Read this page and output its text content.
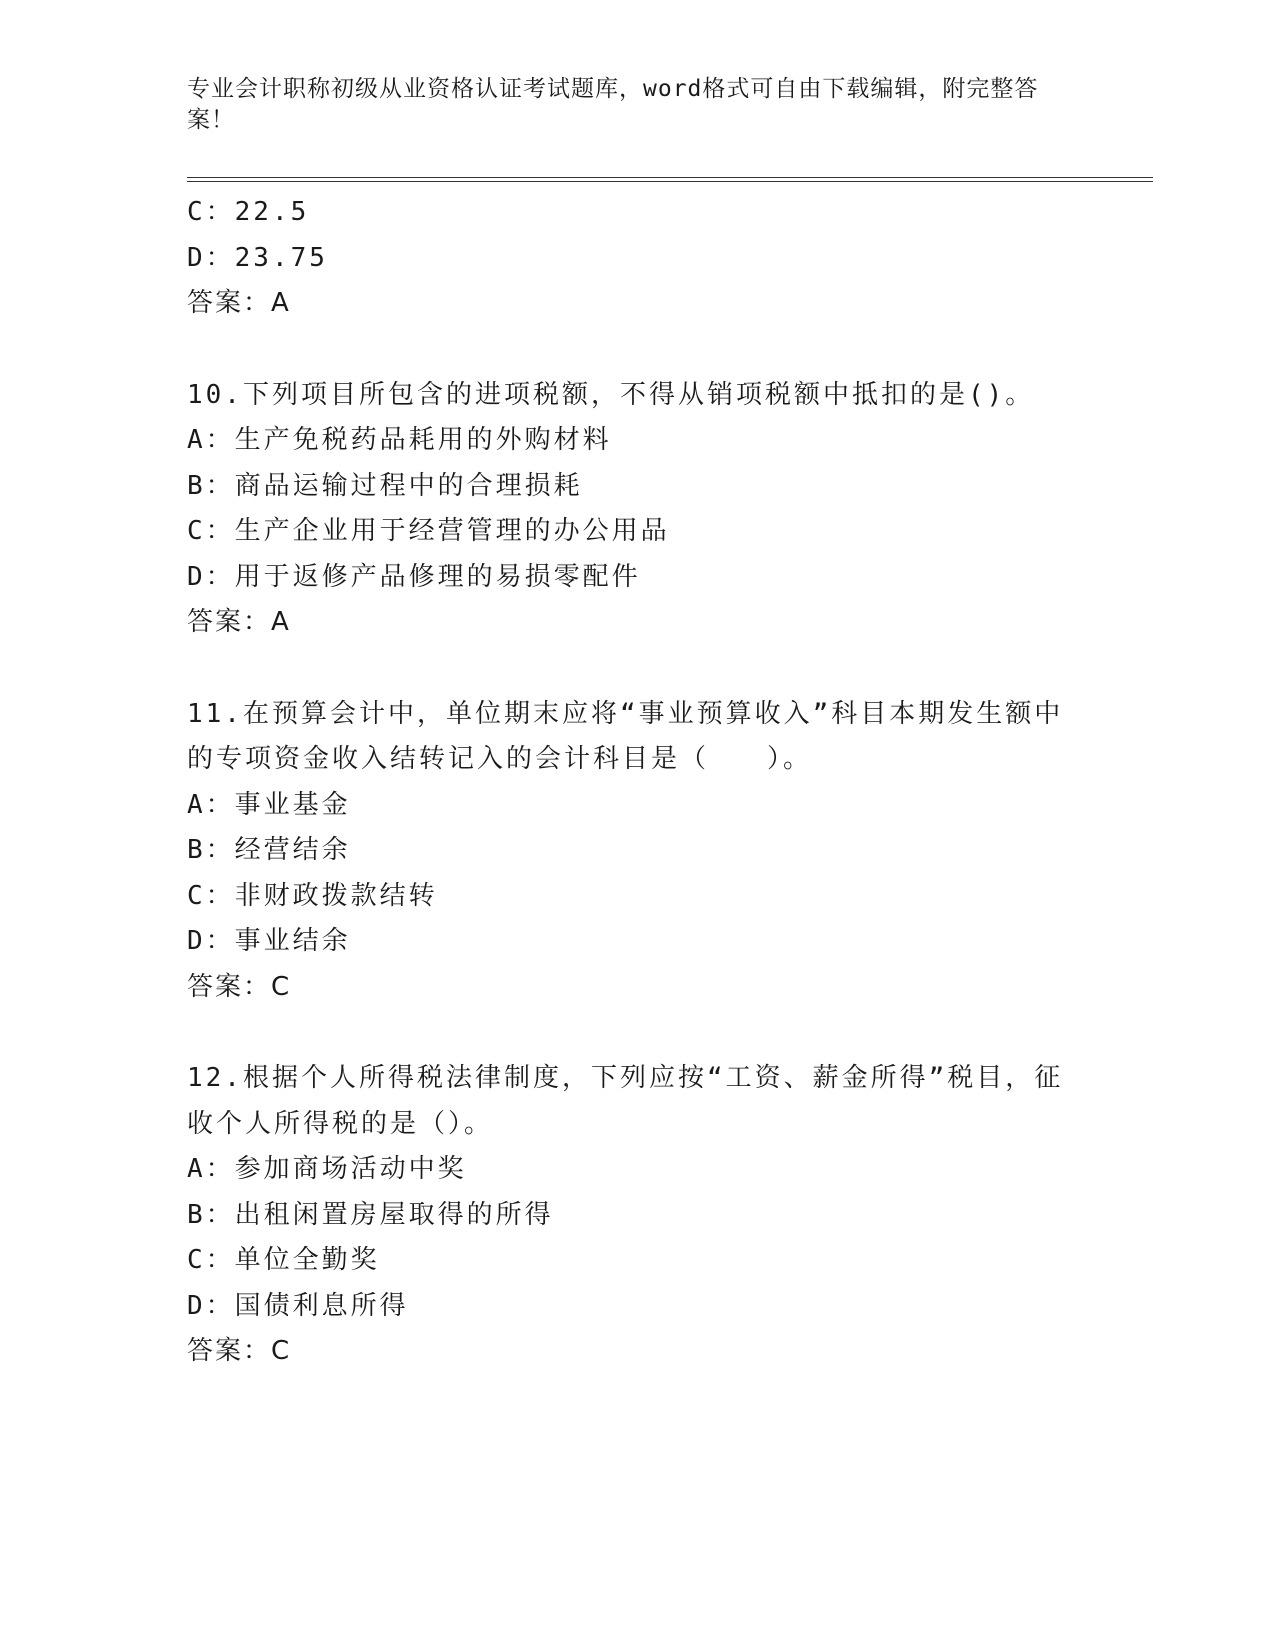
专业会计职称初级从业资格认证考试题库，word格式可自由下载编辑，附完整答案！
C：22.5
D：23.75
答案：A
10.下列项目所包含的进项税额，不得从销项税额中抵扣的是()。
A：生产免税药品耗用的外购材料
B：商品运输过程中的合理损耗
C：生产企业用于经营管理的办公用品
D：用于返修产品修理的易损零配件
答案：A
11.在预算会计中，单位期末应将“事业预算收入”科目本期发生额中的专项资金收入结转记入的会计科目是（　　）。
A：事业基金
B：经营结余
C：非财政拨款结转
D：事业结余
答案：C
12.根据个人所得税法律制度，下列应按“工资、薪金所得”税目，征收个人所得税的是（）。
A：参加商场活动中奖
B：出租闲置房屋取得的所得
C：单位全勤奖
D：国债利息所得
答案：C
